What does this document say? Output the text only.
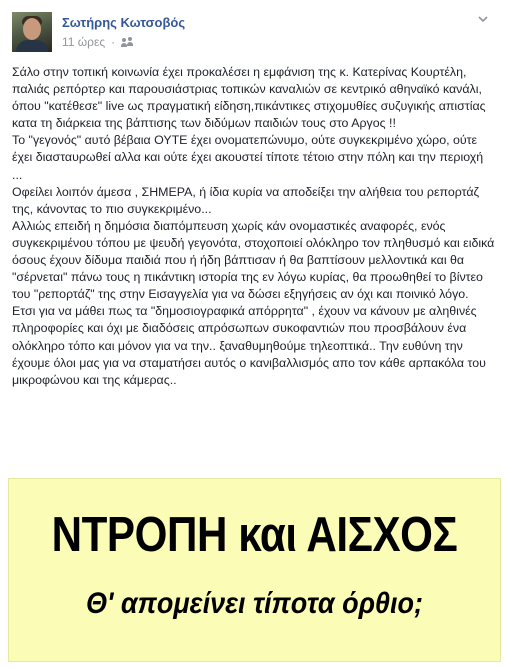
Σωτήρης Κωτσοβός
11 ώρες ·

Σάλο στην τοπική κοινωνία έχει προκαλέσει η εμφάνιση της κ. Κατερίνας Κουρτέλη, παλιάς ρεπόρτερ και παρουσιάστριας τοπικών καναλιών σε κεντρικό αθηναϊκό κανάλι, όπου "κατέθεσε" live ως πραγματική είδηση,πικάντικες στιχομυθίες συζυγικής απιστίας κατα τη διάρκεια της βάπτισης των διδύμων παιδιών τους στο Αργος !!

Το "γεγονός" αυτό βέβαια ΟΥΤΕ έχει ονοματεπώνυμο, ούτε συγκεκριμένο χώρο, ούτε έχει διασταυρωθεί αλλα και ούτε έχει ακουστεί τίποτε τέτοιο στην πόλη και την περιοχή ...

Οφείλει λοιπόν άμεσα , ΣΗΜΕΡΑ, ή ίδια κυρία να αποδείξει την αλήθεια του ρεπορτάζ της, κάνοντας το πιο συγκεκριμένο...

Αλλιώς επειδή η δημόσια διαπόμπευση χωρίς κάν ονομαστικές αναφορές, ενός συγκεκριμένου τόπου με ψευδή γεγονότα, στοχοποιεί ολόκληρο τον πληθυσμό και ειδικά όσους έχουν δίδυμα παιδιά που ή ήδη βάπτισαν ή θα βαπτίσουν μελλοντικά και θα "σέρνεται" πάνω τους η πικάντικη ιστορία της εν λόγω κυρίας, θα προωθηθεί το βίντεο του "ρεπορτάζ" της στην Εισαγγελία για να δώσει εξηγήσεις αν όχι και ποινικό λόγο. Ετσι για να μάθει πως τα "δημοσιογραφικά απόρρητα" , έχουν να κάνουν με αληθινές πληροφορίες και όχι με διαδόσεις απρόσωπων συκοφαντιών που προσβάλουν ένα ολόκληρο τόπο και μόνον για να την.. ξαναθυμηθούμε τηλεοπτικά.. Την ευθύνη την έχουμε όλοι μας για να σταματήσει αυτός ο κανιβαλλισμός απο τον κάθε αρπακόλα του μικροφώνου και της κάμερας..

ΝΤΡΟΠΗ και ΑΙΣΧΟΣ
Θ' απομείνει τίποτα όρθιο;
